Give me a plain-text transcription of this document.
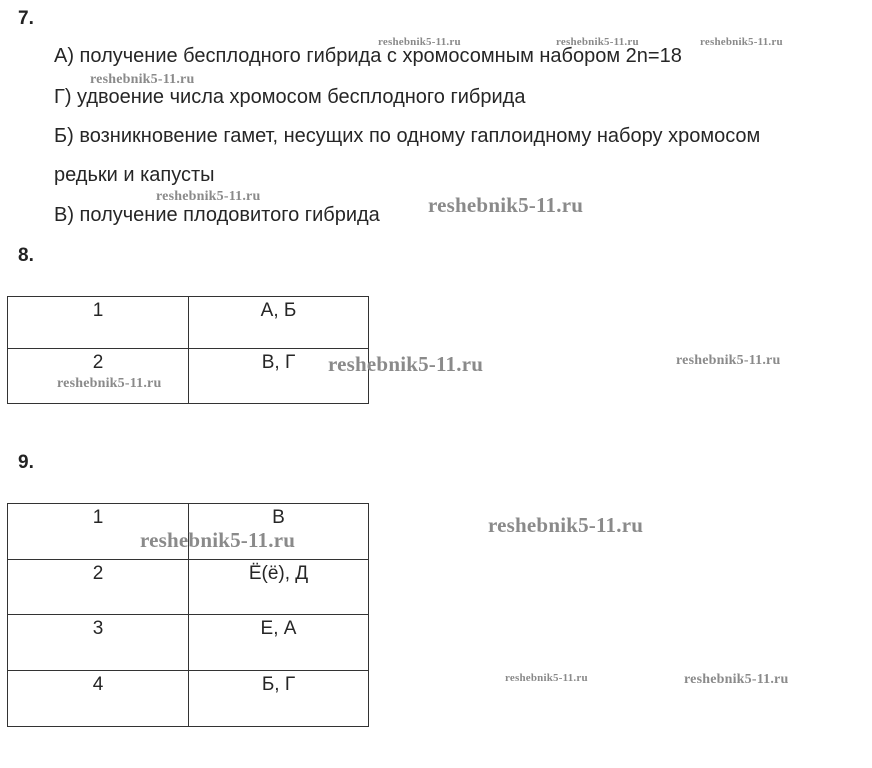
7.
А) получение бесплодного гибрида с хромосомным набором 2n=18
Г) удвоение числа хромосом бесплодного гибрида
Б) возникновение гамет, несущих по одному гаплоидному набору хромосом
редьки и капусты
В) получение плодовитого гибрида
8.
1	А, Б
2	В, Г
9.
1	В
2	Ё(ё), Д
3	Е, А
4	Б, Г
reshebnik5-11.ru	reshebnik5-11.ru	reshebnik5-11.ru
reshebnik5-11.ru
reshebnik5-11.ru	reshebnik5-11.ru
reshebnik5-11.ru	reshebnik5-11.ru
reshebnik5-11.ru
reshebnik5-11.ru
reshebnik5-11.ru
reshebnik5-11.ru	reshebnik5-11.ru
